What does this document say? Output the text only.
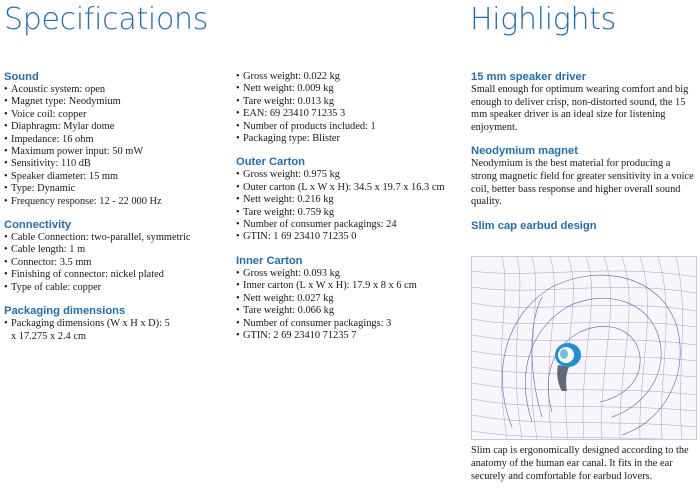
Specifications	Highlights
Sound
• Acoustic system: open
• Magnet type: Neodymium
• Voice coil: copper
• Diaphragm: Mylar dome
• Impedance: 16 ohm
• Maximum power input: 50 mW
• Sensitivity: 110 dB
• Speaker diameter: 15 mm
• Type: Dynamic
• Frequency response: 12 - 22 000 Hz
Connectivity
• Cable Connection: two-parallel, symmetric
• Cable length: 1 m
• Connector: 3.5 mm
• Finishing of connector: nickel plated
• Type of cable: copper
Packaging dimensions
• Packaging dimensions (W x H x D): 5 x 17.275 x 2.4 cm
• Gross weight: 0.022 kg
• Nett weight: 0.009 kg
• Tare weight: 0.013 kg
• EAN: 69 23410 71235 3
• Number of products included: 1
• Packaging type: Blister
Outer Carton
• Gross weight: 0.975 kg
• Outer carton (L x W x H): 34.5 x 19.7 x 16.3 cm
• Nett weight: 0.216 kg
• Tare weight: 0.759 kg
• Number of consumer packagings: 24
• GTIN: 1 69 23410 71235 0
Inner Carton
• Gross weight: 0.093 kg
• Inner carton (L x W x H): 17.9 x 8 x 6 cm
• Nett weight: 0.027 kg
• Tare weight: 0.066 kg
• Number of consumer packagings: 3
• GTIN: 2 69 23410 71235 7
15 mm speaker driver

Small enough for optimum wearing comfort and big enough to deliver crisp, non-distorted sound, the 15 mm speaker driver is an ideal size for listening enjoyment.

Neodymium magnet

Neodymium is the best material for producing a strong magnetic field for greater sensitivity in a voice coil, better bass response and higher overall sound quality.

Slim cap earbud design
Slim cap is ergonomically designed according to the anatomy of the human ear canal. It fits in the ear securely and comfortable for earbud lovers.
